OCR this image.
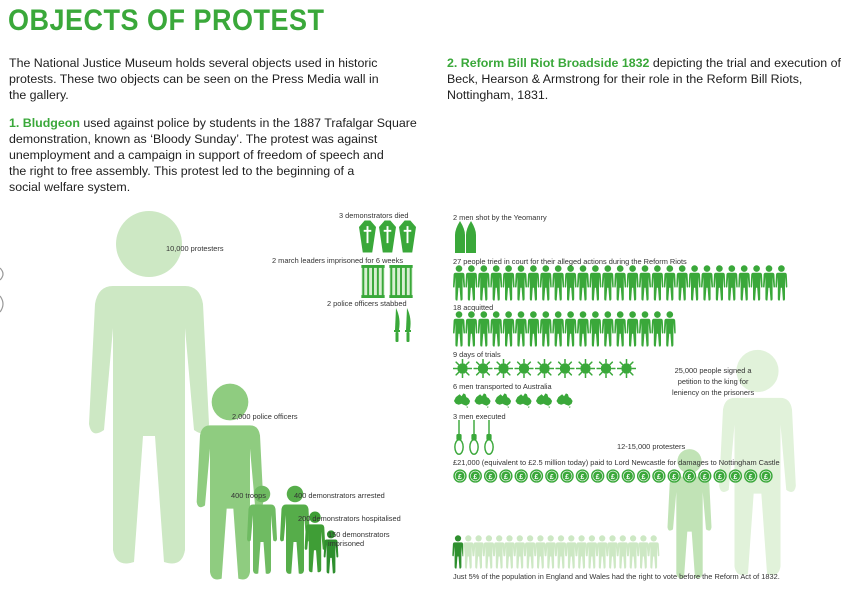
OBJECTS OF PROTEST
The National Justice Museum holds several objects used in historic
protests. These two objects can be seen on the Press Media wall in
the gallery.
1. Bludgeon used against police by students in the 1887 Trafalgar Square
demonstration, known as ‘Bloody Sunday’. The protest was against
unemployment and a campaign in support of freedom of speech and
the right to free assembly. This protest led to the beginning of a
social welfare system.
2. Reform Bill Riot Broadside 1832 depicting the trial and execution of
Beck, Hearson & Armstrong for their role in the Reform Bill Riots,
Nottingham, 1831.
10,000 protesters
2,000 police officers
400 troops	400 demonstrators arrested
200 demonstrators hospitalised
150 demonstrators
imprisoned
3 demonstrators died
2 march leaders imprisoned for 6 weeks
2 police officers stabbed
2 men shot by the Yeomanry
27 people tried in court for their alleged actions during the Reform Riots
18 acquitted
9 days of trials
6 men transported to Australia
3 men executed
25,000 people signed a
petition to the king for
leniency on the prisoners
12-15,000 protesters
£21,000 (equivalent to £2.5 million today) paid to Lord Newcastle for damages to Nottingham Castle
Just 5% of the population in England and Wales had the right to vote before the Reform Act of 1832.
